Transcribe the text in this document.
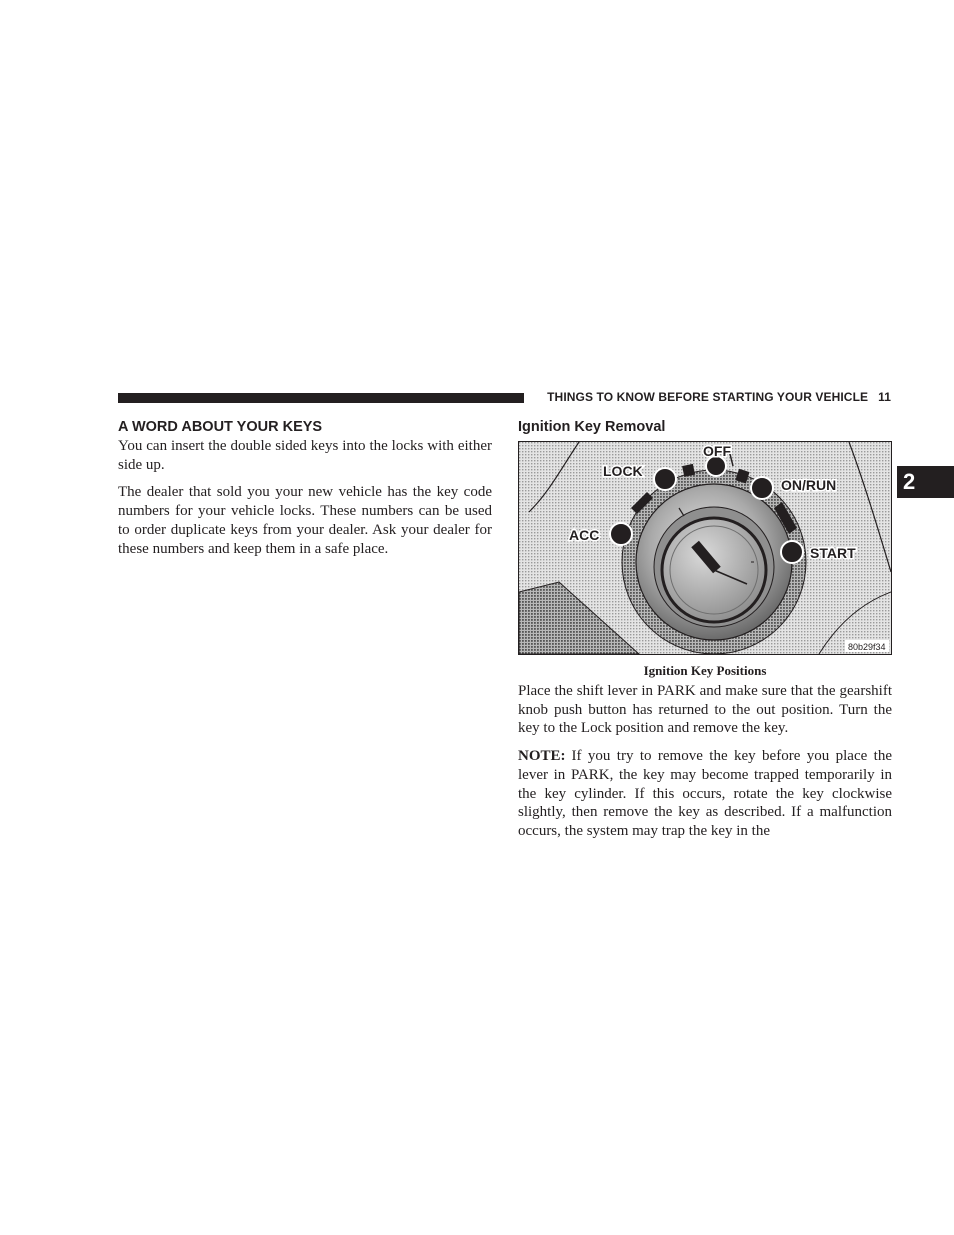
THINGS TO KNOW BEFORE STARTING YOUR VEHICLE 11
2
A WORD ABOUT YOUR KEYS

You can insert the double sided keys into the locks with either side up.

The dealer that sold you your new vehicle has the key code numbers for your vehicle locks. These numbers can be used to order duplicate keys from your dealer. Ask your dealer for these numbers and keep them in a safe place.

Ignition Key Removal
OFF
LOCK
ON/RUN
ACC
START
80b29f34
Ignition Key Positions

Place the shift lever in PARK and make sure that the gearshift knob push button has returned to the out position. Turn the key to the Lock position and remove the key.

NOTE: If you try to remove the key before you place the lever in PARK, the key may become trapped temporarily in the key cylinder. If this occurs, rotate the key clockwise slightly, then remove the key as described. If a malfunction occurs, the system may trap the key in the
